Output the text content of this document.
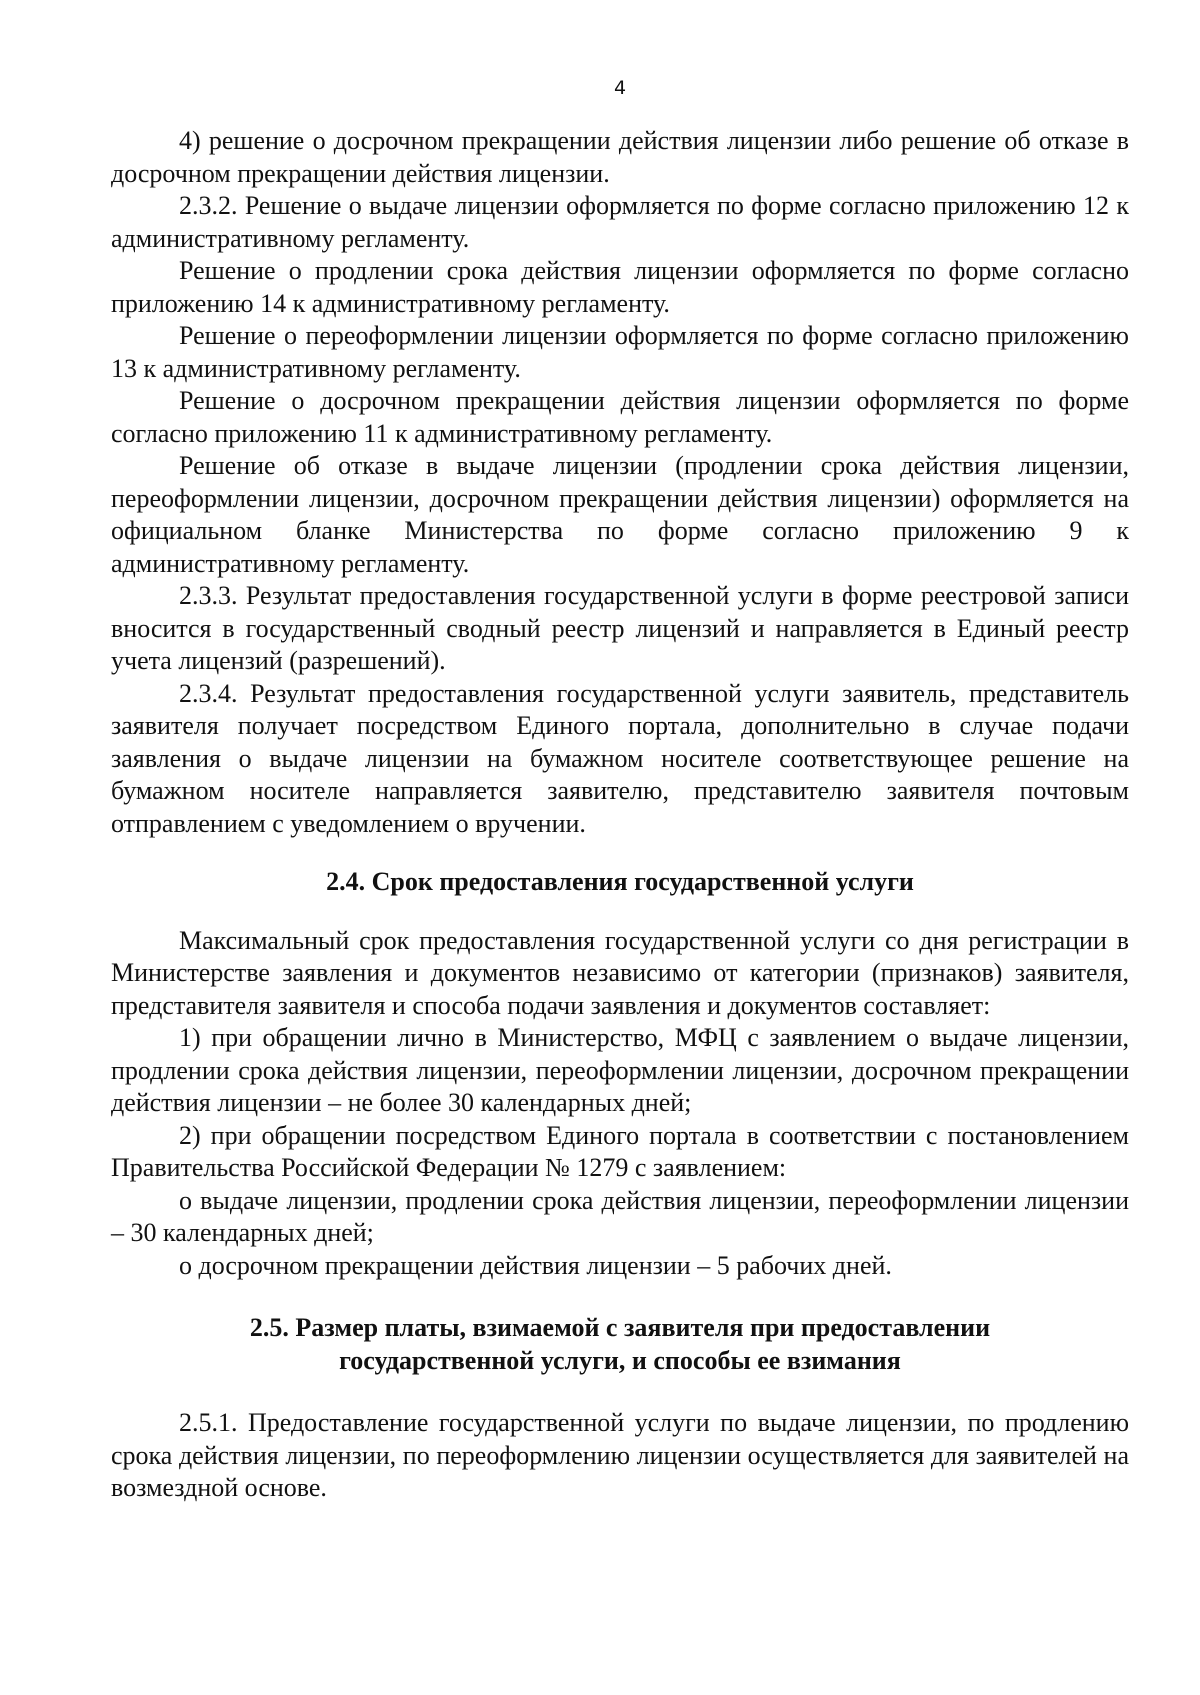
4

4) решение о досрочном прекращении действия лицензии либо решение об отказе в досрочном прекращении действия лицензии.

2.3.2. Решение о выдаче лицензии оформляется по форме согласно приложению 12 к административному регламенту.

Решение о продлении срока действия лицензии оформляется по форме согласно приложению 14 к административному регламенту.

Решение о переоформлении лицензии оформляется по форме согласно приложению 13 к административному регламенту.

Решение о досрочном прекращении действия лицензии оформляется по форме согласно приложению 11 к административному регламенту.

Решение об отказе в выдаче лицензии (продлении срока действия лицензии, переоформлении лицензии, досрочном прекращении действия лицензии) оформляется на официальном бланке Министерства по форме согласно приложению 9 к административному регламенту.

2.3.3. Результат предоставления государственной услуги в форме реестровой записи вносится в государственный сводный реестр лицензий и направляется в Единый реестр учета лицензий (разрешений).

2.3.4. Результат предоставления государственной услуги заявитель, представитель заявителя получает посредством Единого портала, дополнительно в случае подачи заявления о выдаче лицензии на бумажном носителе соответствующее решение на бумажном носителе направляется заявителю, представителю заявителя почтовым отправлением с уведомлением о вручении.

2.4. Срок предоставления государственной услуги

Максимальный срок предоставления государственной услуги со дня регистрации в Министерстве заявления и документов независимо от категории (признаков) заявителя, представителя заявителя и способа подачи заявления и документов составляет:

1) при обращении лично в Министерство, МФЦ с заявлением о выдаче лицензии, продлении срока действия лицензии, переоформлении лицензии, досрочном прекращении действия лицензии – не более 30 календарных дней;

2) при обращении посредством Единого портала в соответствии с постановлением Правительства Российской Федерации № 1279 с заявлением:

о выдаче лицензии, продлении срока действия лицензии, переоформлении лицензии – 30 календарных дней;

о досрочном прекращении действия лицензии – 5 рабочих дней.

2.5. Размер платы, взимаемой с заявителя при предоставлении
государственной услуги, и способы ее взимания

2.5.1. Предоставление государственной услуги по выдаче лицензии, по продлению срока действия лицензии, по переоформлению лицензии осуществляется для заявителей на возмездной основе.
